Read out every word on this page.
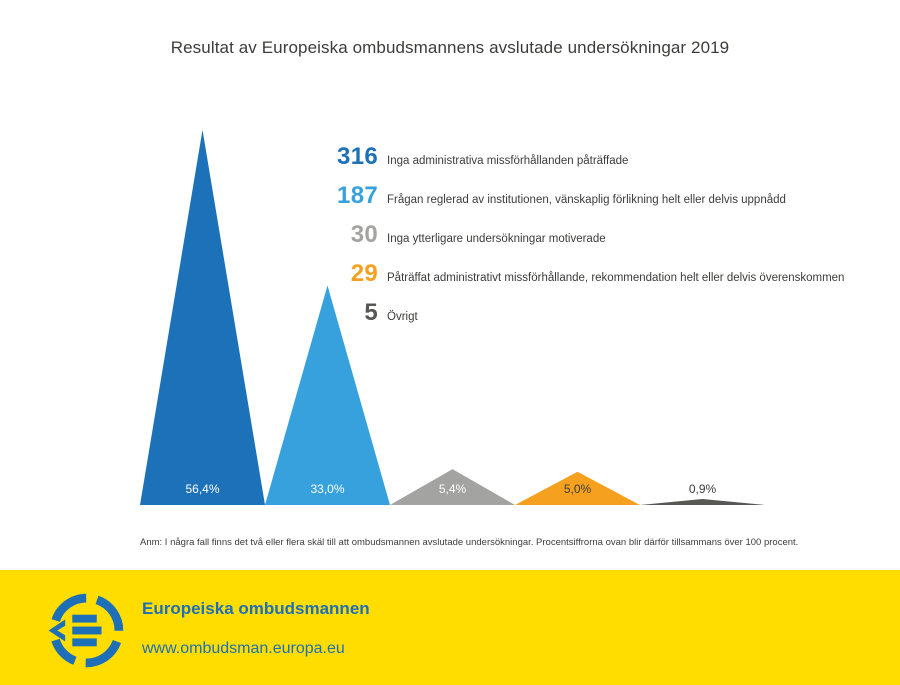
Resultat av Europeiska ombudsmannens avslutade undersökningar 2019
56,4%	33,0%	5,4%	5,0%	0,9%
316 Inga administrativa missförhållanden påträffade
187 Frågan reglerad av institutionen, vänskaplig förlikning helt eller delvis uppnådd
30 Inga ytterligare undersökningar motiverade
29 Påträffat administrativt missförhållande, rekommendation helt eller delvis överenskommen
5 Övrigt
Anm: I några fall finns det två eller flera skäl till att ombudsmannen avslutade undersökningar. Procentsiffrorna ovan blir därför tillsammans över 100 procent.
Europeiska ombudsmannen
www.ombudsman.europa.eu
